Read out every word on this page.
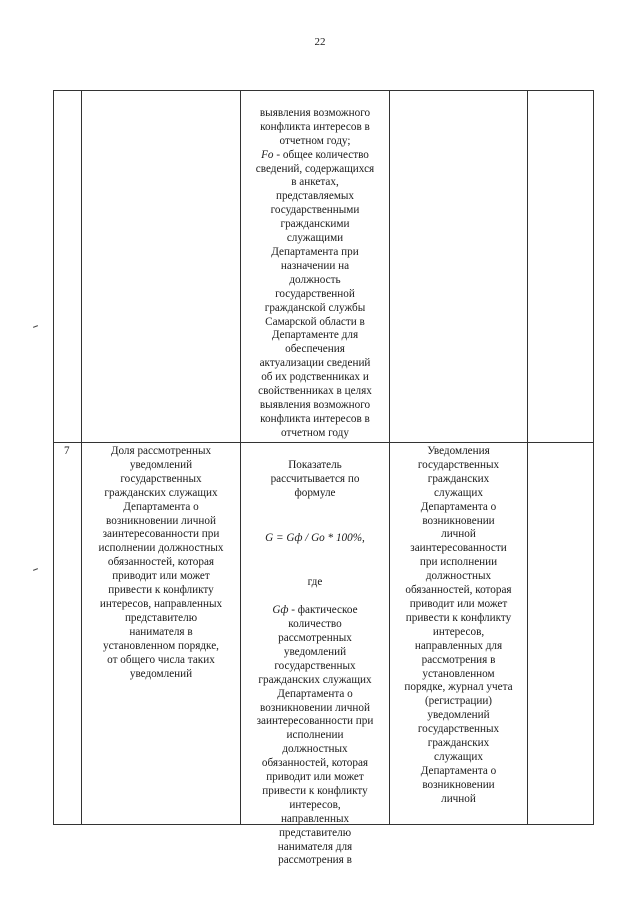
22

выявления возможного
конфликта интересов в
отчетном году;
Fo - общее количество
сведений, содержащихся
в анкетах,
представляемых
государственными
гражданскими
служащими
Департамента при
назначении на
должность
государственной
гражданской службы
Самарской области в
Департаменте для
обеспечения
актуализации сведений
об их родственниках и
свойственниках в целях
выявления возможного
конфликта интересов в
отчетном году

7	Доля рассмотренных
уведомлений
государственных
гражданских служащих
Департамента о
возникновении личной
заинтересованности при
исполнении должностных
обязанностей, которая
приводит или может
привести к конфликту
интересов, направленных
представителю
нанимателя в
установленном порядке,
от общего числа таких
уведомлений

Показатель
рассчитывается по
формуле

G = Gф / Go * 100%,

где

Gф - фактическое
количество
рассмотренных
уведомлений
государственных
гражданских служащих
Департамента о
возникновении личной
заинтересованности при
исполнении
должностных
обязанностей, которая
приводит или может
привести к конфликту
интересов,
направленных
представителю
нанимателя для
рассмотрения в

Уведомления
государственных
гражданских
служащих
Департамента о
возникновении
личной
заинтересованности
при исполнении
должностных
обязанностей, которая
приводит или может
привести к конфликту
интересов,
направленных для
рассмотрения в
установленном
порядке, журнал учета
(регистрации)
уведомлений
государственных
гражданских
служащих
Департамента о
возникновении
личной
